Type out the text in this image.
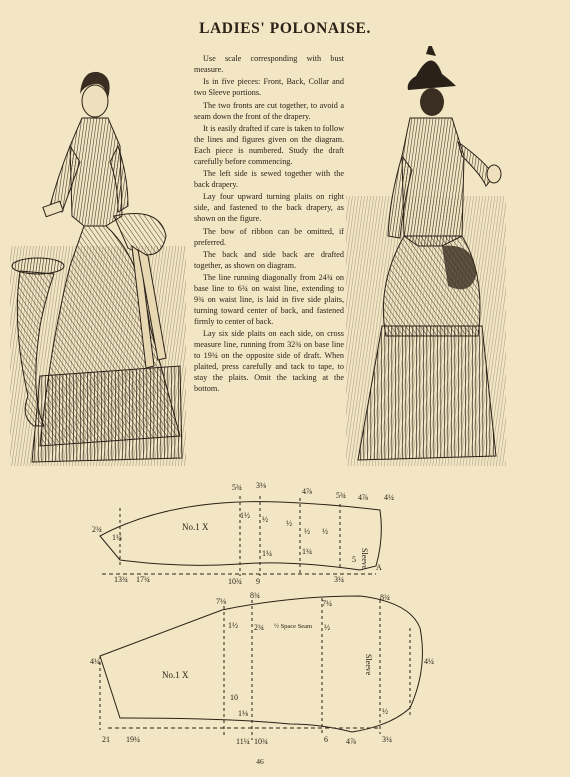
LADIES' POLONAISE.

Use scale corresponding with bust measure.

Is in five pieces: Front, Back, Collar and two Sleeve portions.

The two fronts are cut together, to avoid a seam down the front of the drapery.

It is easily drafted if care is taken to follow the lines and figures given on the diagram. Each piece is numbered. Study the draft carefully before commencing.

The left side is sewed together with the back drapery.

Lay four upward turning plaits on right side, and fastened to the back drapery, as shown on the figure.

The bow of ribbon can be omitted, if preferred.

The back and side back are drafted together, as shown on diagram.

The line running diagonally from 24¾ on base line to 6¾ on waist line, extending to 9¾ on waist line, is laid in five side plaits, turning toward center of back, and fastened firmly to center of back.

Lay six side plaits on each side, on cross measure line, running from 32¾ on base line to 19¾ on the opposite side of draft. When plaited, press carefully and tack to tape, to stay the plaits. Omit the tacking at the bottom.

No.1 X
Sleeve
5¾ 3⅛
4⅞	5¾ 4⅞ 4¼
13¾ 17¾	10¾ 9	3¼
A
2¾
1¼
1½ ½ ½
½ ½
1¼	1¼
5
No.1 X	Sleeve
½ Space Seam
7⅛
8¾
7¼
8¾
21 19¼	11¼ 10¾	6 4⅞	3¼
4¼	4¼
1½ 2¾
1⅛
½
10
½
46
